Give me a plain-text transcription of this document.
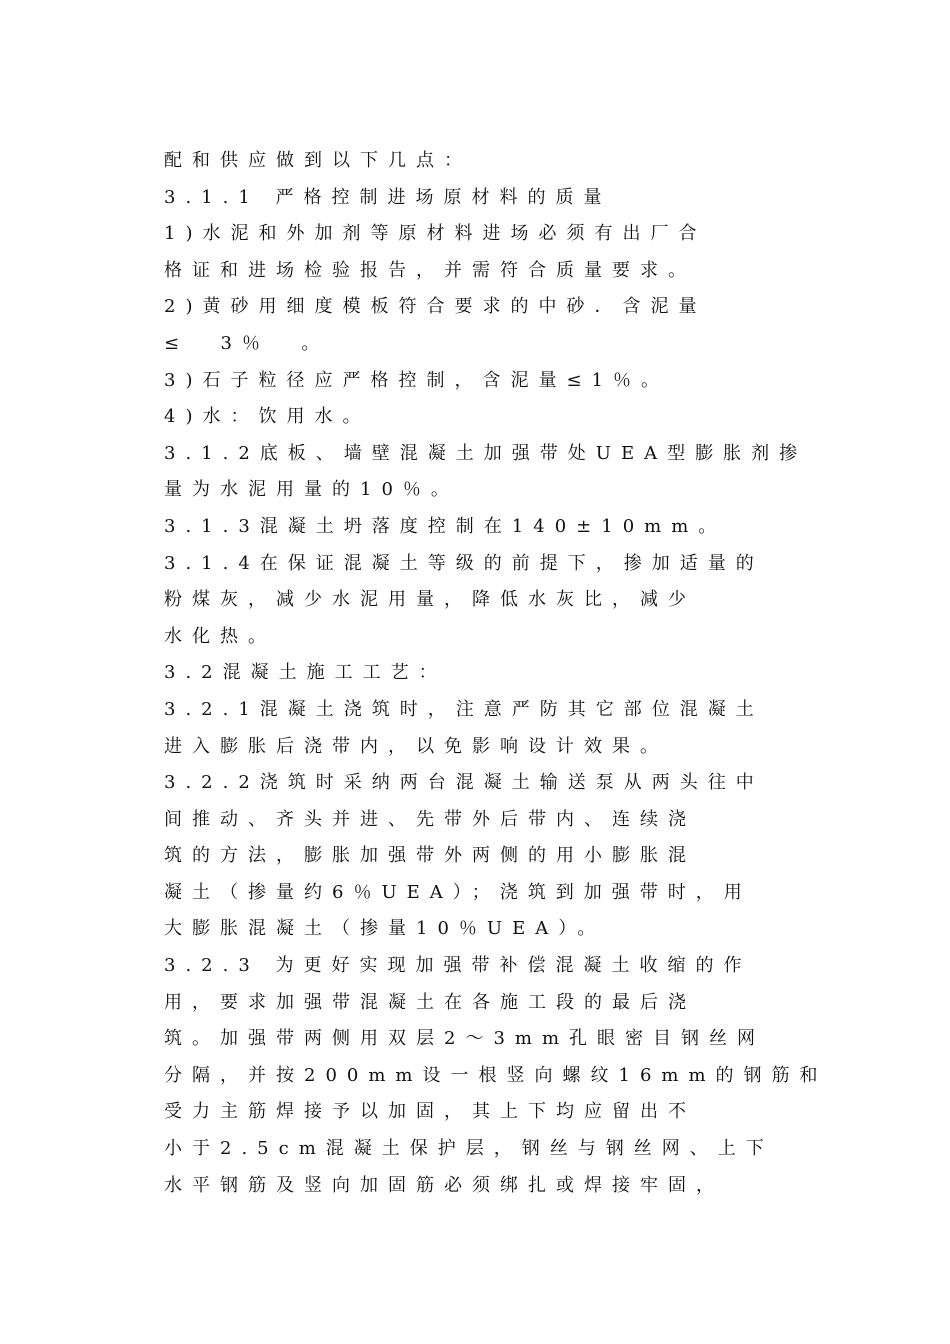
配和供应做到以下几点：
3.1.1 严格控制进场原材料的质量
1)水泥和外加剂等原材料进场必须有出厂合
格证和进场检验报告，并需符合质量要求。
2)黄砂用细度模板符合要求的中砂．含泥量
≤  3％  。
3)石子粒径应严格控制，含泥量≤1％。
4)水：饮用水。
3.1.2底板、墙壁混凝土加强带处UEA型膨胀剂掺
量为水泥用量的10％。
3.1.3混凝土坍落度控制在140±10mm。
3.1.4在保证混凝土等级的前提下，掺加适量的
粉煤灰，减少水泥用量，降低水灰比，减少
水化热。
3.2混凝土施工工艺：
3.2.1混凝土浇筑时，注意严防其它部位混凝土
进入膨胀后浇带内，以免影响设计效果。
3.2.2浇筑时采纳两台混凝土输送泵从两头往中
间推动、齐头并进、先带外后带内、连续浇
筑的方法，膨胀加强带外两侧的用小膨胀混
凝土（掺量约6％UEA）；浇筑到加强带时，用
大膨胀混凝土（掺量10％UEA）。
3.2.3 为更好实现加强带补偿混凝土收缩的作
用，要求加强带混凝土在各施工段的最后浇
筑。加强带两侧用双层2～3mm孔眼密目钢丝网
分隔，并按200mm设一根竖向螺纹16mm的钢筋和
受力主筋焊接予以加固，其上下均应留出不
小于2.5cm混凝土保护层，钢丝与钢丝网、上下
水平钢筋及竖向加固筋必须绑扎或焊接牢固，
